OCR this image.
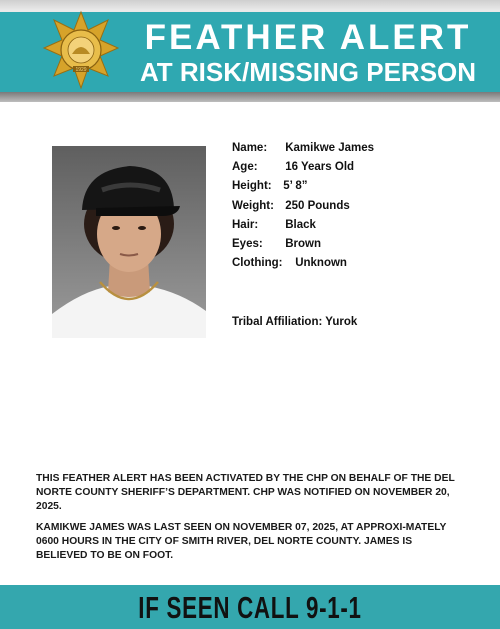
1929
FEATHER ALERT
AT RISK/MISSING PERSON
Name: Kamikwe James
Age: 16 Years Old
Height: 5’ 8”
Weight: 250 Pounds
Hair: Black
Eyes: Brown
Clothing: Unknown
Tribal Affiliation: Yurok
THIS FEATHER ALERT HAS BEEN ACTIVATED BY THE CHP ON BEHALF OF THE DEL NORTE COUNTY SHERIFF’S DEPARTMENT. CHP WAS NOTIFIED ON NOVEMBER 20, 2025.
KAMIKWE JAMES WAS LAST SEEN ON NOVEMBER 07, 2025, AT APPROXI-MATELY 0600 HOURS IN THE CITY OF SMITH RIVER, DEL NORTE COUNTY. JAMES IS BELIEVED TO BE ON FOOT.
IF SEEN CALL 9-1-1
